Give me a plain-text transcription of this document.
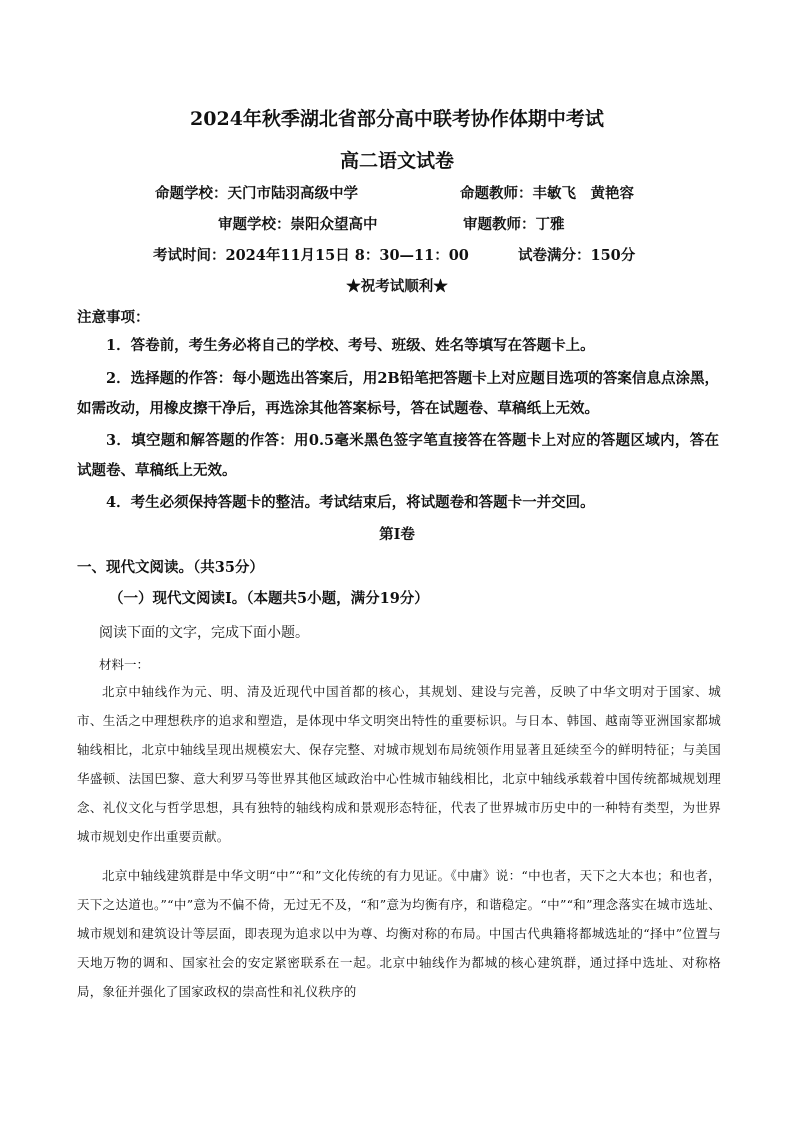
2024年秋季湖北省部分高中联考协作体期中考试
高二语文试卷
命题学校：天门市陆羽高级中学	命题教师：丰敏飞　黄艳容
审题学校：崇阳众望高中	审题教师：丁雅
考试时间：2024年11月15日 8：30—11：00	试卷满分：150分
★祝考试顺利★
注意事项：
1．答卷前，考生务必将自己的学校、考号、班级、姓名等填写在答题卡上。
2．选择题的作答：每小题选出答案后，用2B铅笔把答题卡上对应题目选项的答案信息点涂黑，如需改动，用橡皮擦干净后，再选涂其他答案标号，答在试题卷、草稿纸上无效。
3．填空题和解答题的作答：用0.5毫米黑色签字笔直接答在答题卡上对应的答题区域内，答在试题卷、草稿纸上无效。
4．考生必须保持答题卡的整洁。考试结束后，将试题卷和答题卡一并交回。
第Ⅰ卷
一、现代文阅读。（共35分）
（一）现代文阅读Ⅰ。（本题共5小题，满分19分）
阅读下面的文字，完成下面小题。
材料一：
北京中轴线作为元、明、清及近现代中国首都的核心，其规划、建设与完善，反映了中华文明对于国家、城市、生活之中理想秩序的追求和塑造，是体现中华文明突出特性的重要标识。与日本、韩国、越南等亚洲国家都城轴线相比，北京中轴线呈现出规模宏大、保存完整、对城市规划布局统领作用显著且延续至今的鲜明特征；与美国华盛顿、法国巴黎、意大利罗马等世界其他区域政治中心性城市轴线相比，北京中轴线承载着中国传统都城规划理念、礼仪文化与哲学思想，具有独特的轴线构成和景观形态特征，代表了世界城市历史中的一种特有类型，为世界城市规划史作出重要贡献。
北京中轴线建筑群是中华文明“中”“和”文化传统的有力见证。《中庸》说：“中也者，天下之大本也；和也者，天下之达道也。”“中”意为不偏不倚，无过无不及，“和”意为均衡有序，和谐稳定。“中”“和”理念落实在城市选址、城市规划和建筑设计等层面，即表现为追求以中为尊、均衡对称的布局。中国古代典籍将都城选址的“择中”位置与天地万物的调和、国家社会的安定紧密联系在一起。北京中轴线作为都城的核心建筑群，通过择中选址、对称格局，象征并强化了国家政权的崇高性和礼仪秩序的
